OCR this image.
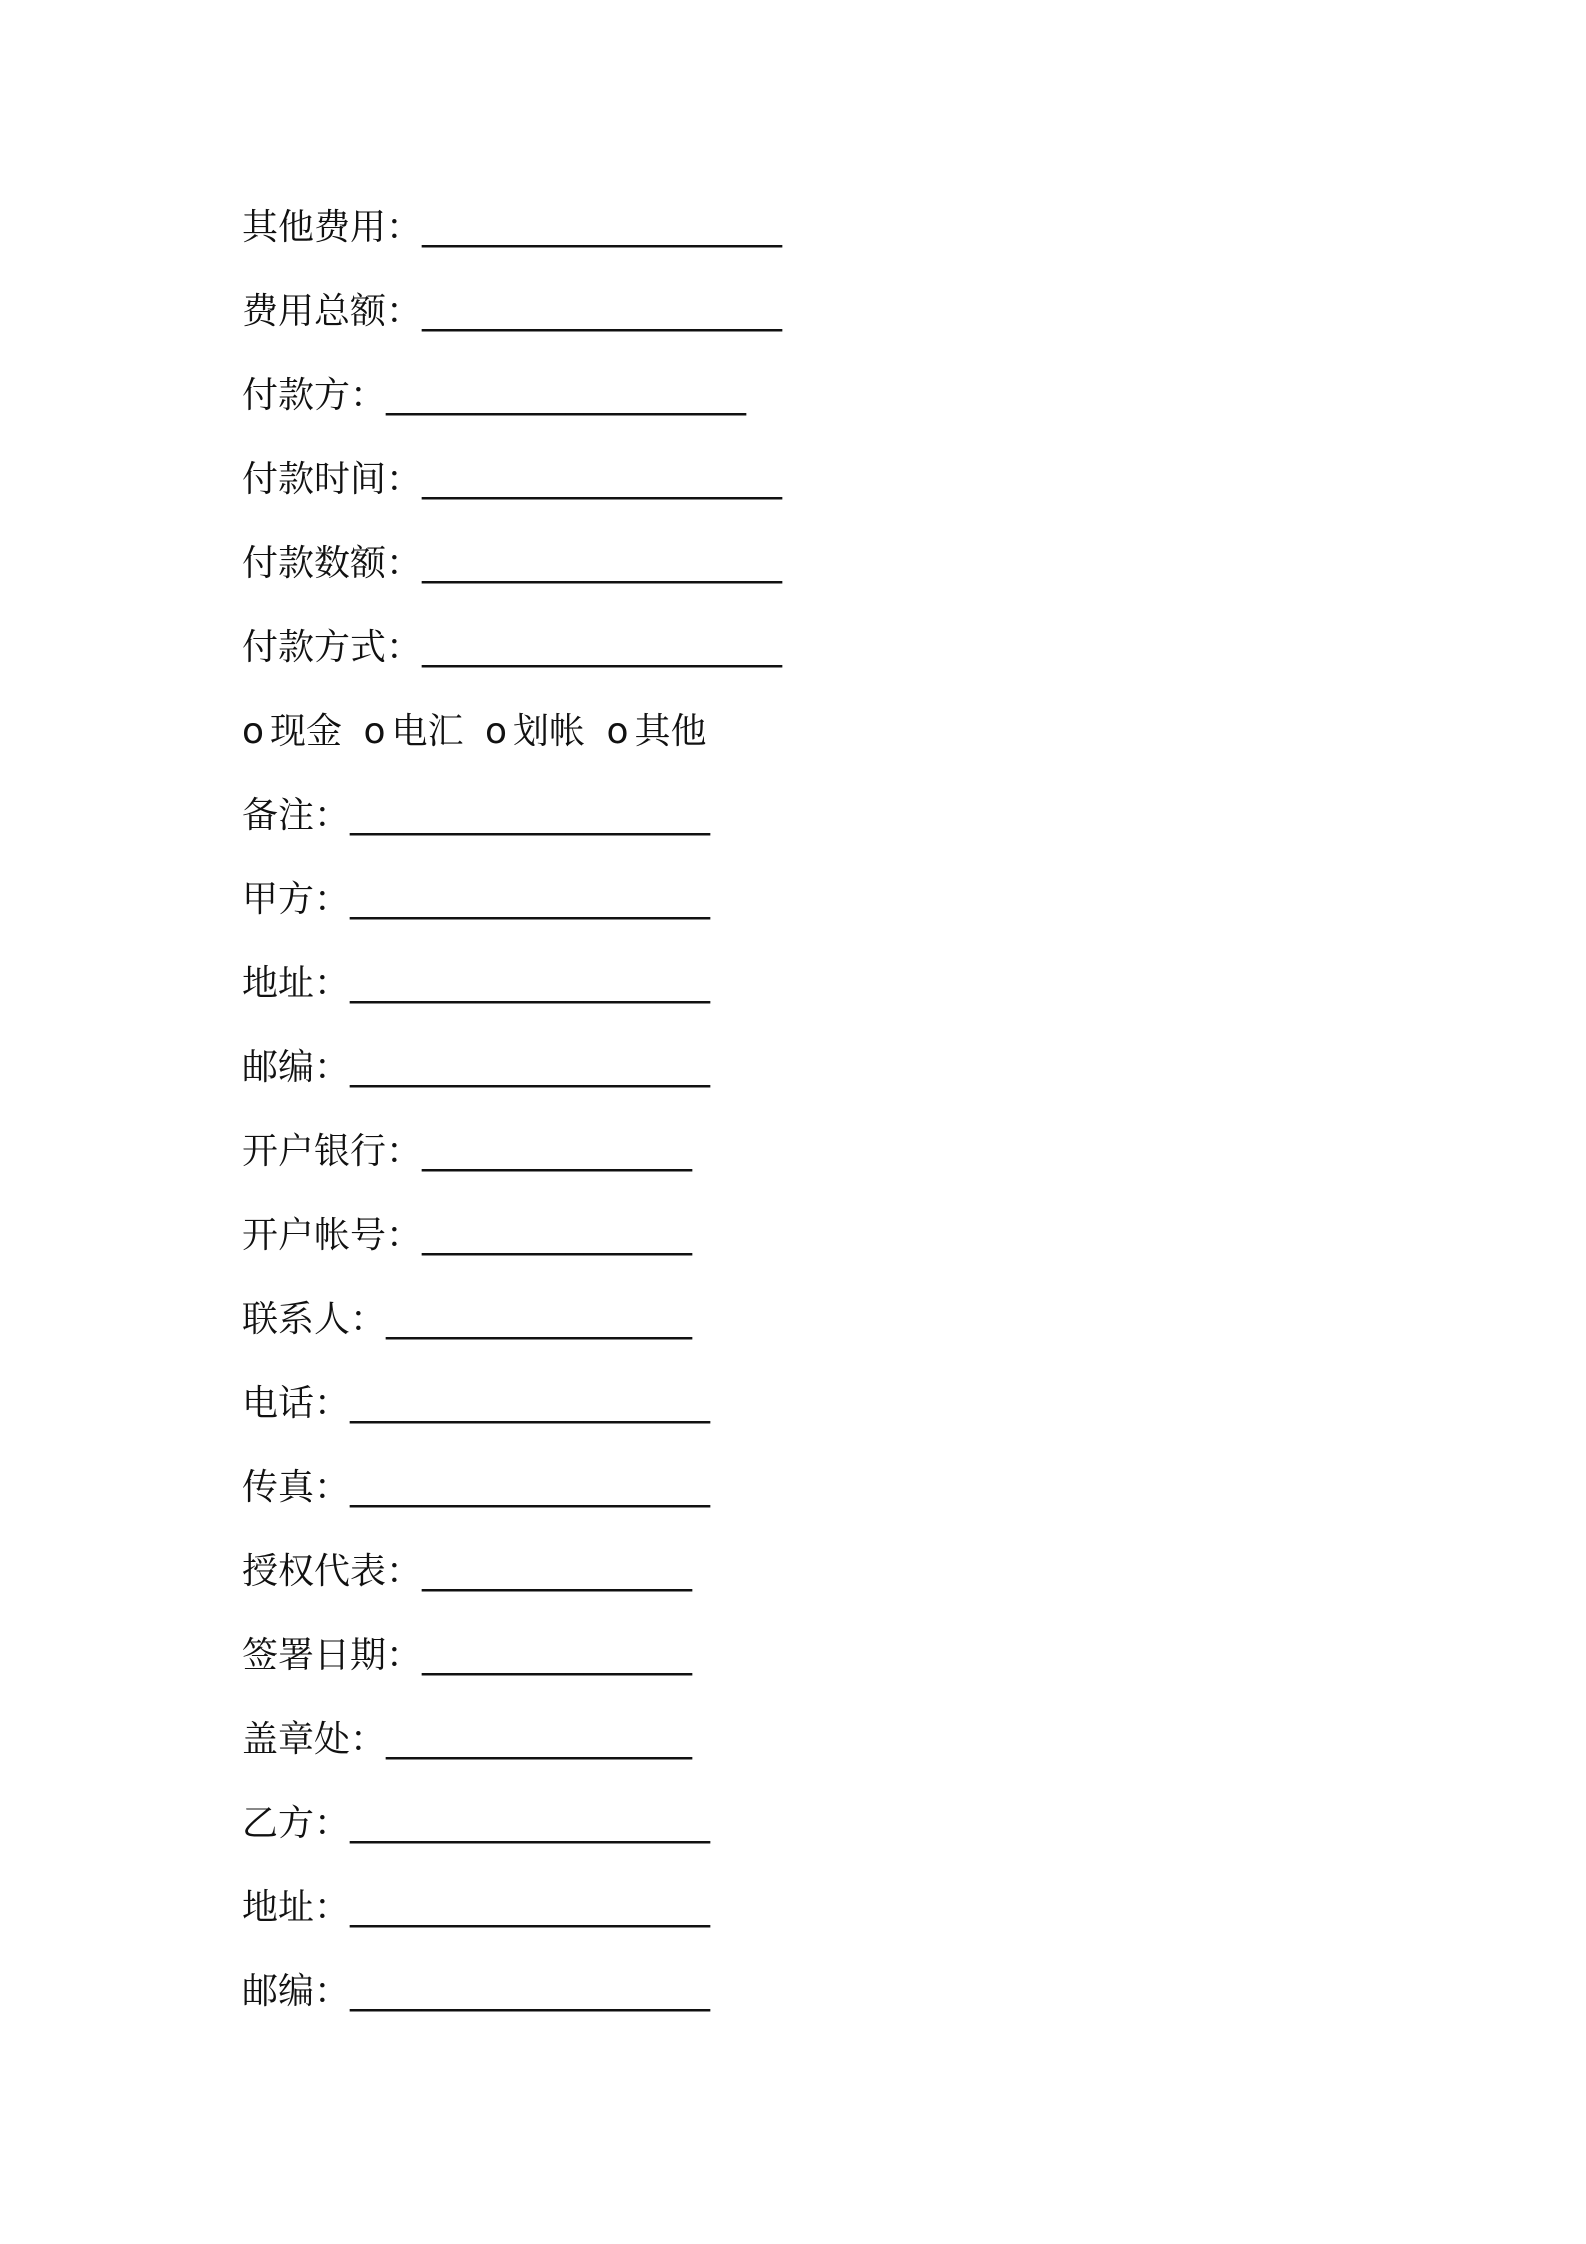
其他费用：____________________
费用总额：____________________
付款方：____________________
付款时间：____________________
付款数额：____________________
付款方式：____________________
o 现金 o 电汇 o 划帐 o 其他
备注：____________________
甲方：____________________
地址：____________________
邮编：____________________
开户银行：_______________
开户帐号：_______________
联系人：_________________
电话：____________________
传真：____________________
授权代表：_______________
签署日期：_______________
盖章处：_________________
乙方：____________________
地址：____________________
邮编：____________________
